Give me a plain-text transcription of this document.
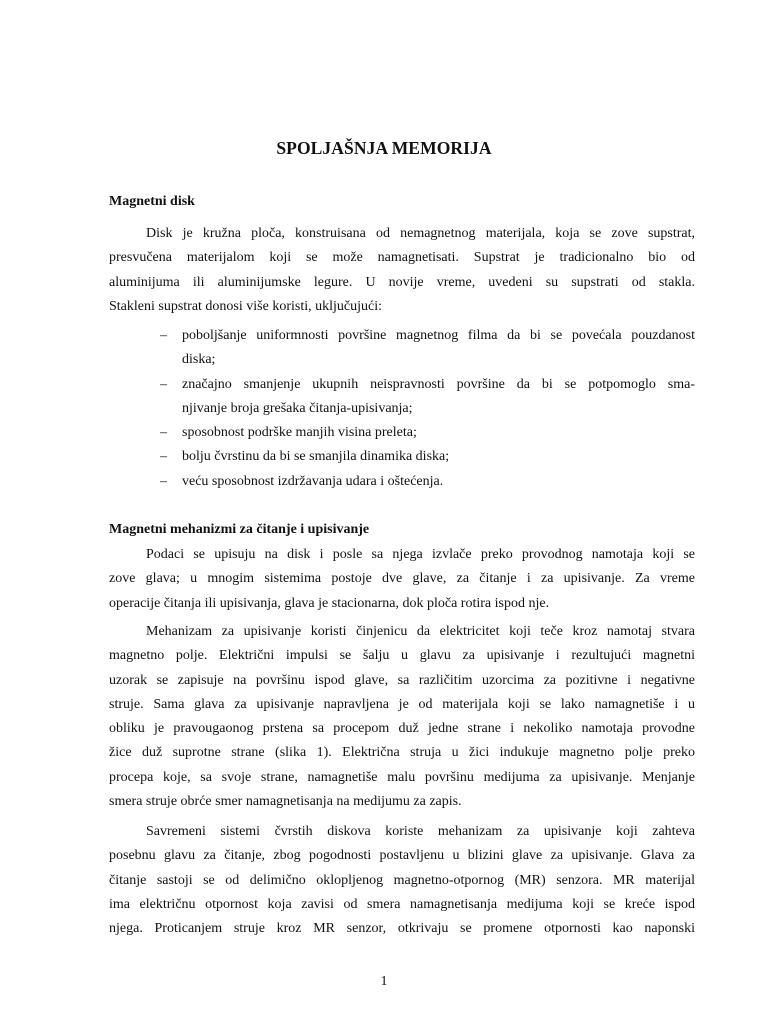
SPOLJAŠNJA MEMORIJA
Magnetni disk
Disk je kružna ploča, konstruisana od nemagnetnog materijala, koja se zove supstrat,
presvučena materijalom koji se može namagnetisati. Supstrat je tradicionalno bio od
aluminijuma ili aluminijumske legure. U novije vreme, uvedeni su supstrati od stakla.
Stakleni supstrat donosi više koristi, uključujući:
– poboljšanje uniformnosti površine magnetnog filma da bi se povećala pouzdanost
diska;
– značajno smanjenje ukupnih neispravnosti površine da bi se potpomoglo sma-
njivanje broja grešaka čitanja-upisivanja;
– sposobnost podrške manjih visina preleta;
– bolju čvrstinu da bi se smanjila dinamika diska;
– veću sposobnost izdržavanja udara i oštećenja.
Magnetni mehanizmi za čitanje i upisivanje
Podaci se upisuju na disk i posle sa njega izvlače preko provodnog namotaja koji se
zove glava; u mnogim sistemima postoje dve glave, za čitanje i za upisivanje. Za vreme
operacije čitanja ili upisivanja, glava je stacionarna, dok ploča rotira ispod nje.
Mehanizam za upisivanje koristi činjenicu da elektricitet koji teče kroz namotaj stvara
magnetno polje. Električni impulsi se šalju u glavu za upisivanje i rezultujući magnetni
uzorak se zapisuje na površinu ispod glave, sa različitim uzorcima za pozitivne i negativne
struje. Sama glava za upisivanje napravljena je od materijala koji se lako namagnetiše i u
obliku je pravougaonog prstena sa procepom duž jedne strane i nekoliko namotaja provodne
žice duž suprotne strane (slika 1). Električna struja u žici indukuje magnetno polje preko
procepa koje, sa svoje strane, namagnetiše malu površinu medijuma za upisivanje. Menjanje
smera struje obrće smer namagnetisanja na medijumu za zapis.
Savremeni sistemi čvrstih diskova koriste mehanizam za upisivanje koji zahteva
posebnu glavu za čitanje, zbog pogodnosti postavljenu u blizini glave za upisivanje. Glava za
čitanje sastoji se od delimično oklopljenog magnetno-otpornog (MR) senzora. MR materijal
ima električnu otpornost koja zavisi od smera namagnetisanja medijuma koji se kreće ispod
njega. Proticanjem struje kroz MR senzor, otkrivaju se promene otpornosti kao naponski
1
